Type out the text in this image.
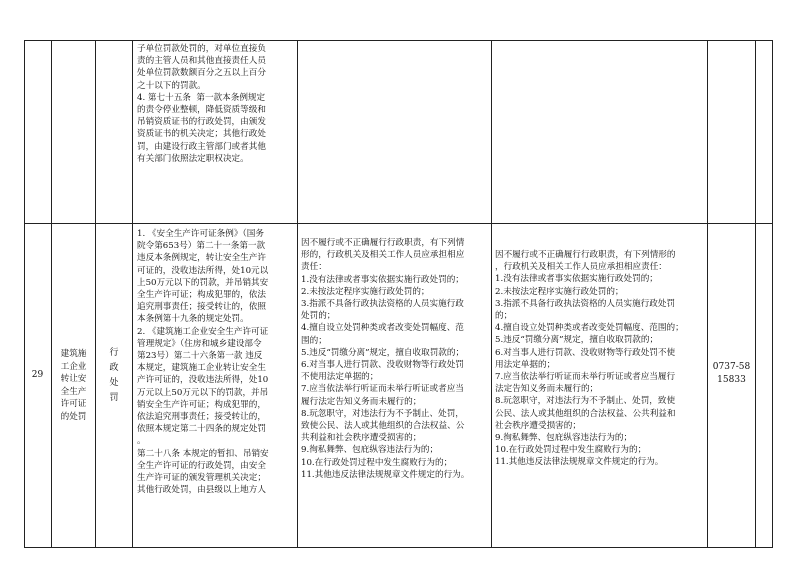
子单位罚款处罚的，对单位直接负
责的主管人员和其他直接责任人员
处单位罚款数额百分之五以上百分
之十以下的罚款。
4. 第七十五条  第一款本条例规定
的责令停业整顿，降低资质等级和
吊销资质证书的行政处罚，由颁发
资质证书的机关决定；其他行政处
罚，由建设行政主管部门或者其他
有关部门依照法定职权决定。
29
建筑施
工企业
转让安
全生产
许可证
的处罚
行
政
处
罚
1. 《安全生产许可证条例》（国务
院令第653号）第二十一条第一款
违反本条例规定，转让安全生产许
可证的，没收违法所得，处10元以
上50万元以下的罚款，并吊销其安
全生产许可证；构成犯罪的，依法
追究刑事责任；接受转让的，依照
本条例第十九条的规定处罚。
2. 《建筑施工企业安全生产许可证
管理规定》（住房和城乡建设部令
第23号）第二十六条第一款 违反
本规定，建筑施工企业转让安全生
产许可证的，没收违法所得，处10
万元以上50万元以下的罚款，并吊
销安全生产许可证；构成犯罪的，
依法追究刑事责任；接受转让的，
依照本规定第二十四条的规定处罚
。
第二十八条 本规定的暂扣、吊销安
全生产许可证的行政处罚，由安全
生产许可证的颁发管理机关决定；
其他行政处罚，由县级以上地方人
因不履行或不正确履行行政职责，有下列情
形的，行政机关及相关工作人员应承担相应
责任：
1.没有法律或者事实依据实施行政处罚的；
2.未按法定程序实施行政处罚的；
3.指派不具备行政执法资格的人员实施行政
处罚的；
4.擅自设立处罚种类或者改变处罚幅度、范
围的；
5.违反“罚缴分离”规定，擅自收取罚款的；
6.对当事人进行罚款、没收财物等行政处罚
不使用法定单据的；
7.应当依法举行听证而未举行听证或者应当
履行法定告知义务而未履行的；
8.玩忽职守，对违法行为不予制止、处罚，
致使公民、法人或其他组织的合法权益、公
共利益和社会秩序遭受损害的；
9.徇私舞弊、包庇纵容违法行为的；
10.在行政处罚过程中发生腐败行为的；
11.其他违反法律法规规章文件规定的行为。
因不履行或不正确履行行政职责，有下列情形的
，行政机关及相关工作人员应承担相应责任：
1.没有法律或者事实依据实施行政处罚的；
2.未按法定程序实施行政处罚的；
3.指派不具备行政执法资格的人员实施行政处罚
的；
4.擅自设立处罚种类或者改变处罚幅度、范围的；
5.违反“罚缴分离”规定，擅自收取罚款的；
6.对当事人进行罚款、没收财物等行政处罚不使
用法定单据的；
7.应当依法举行听证而未举行听证或者应当履行
法定告知义务而未履行的；
8.玩忽职守，对违法行为不予制止、处罚，致使
公民、法人或其他组织的合法权益、公共利益和
社会秩序遭受损害的；
9.徇私舞弊、包庇纵容违法行为的；
10.在行政处罚过程中发生腐败行为的；
11.其他违反法律法规规章文件规定的行为。
0737-58
15833
